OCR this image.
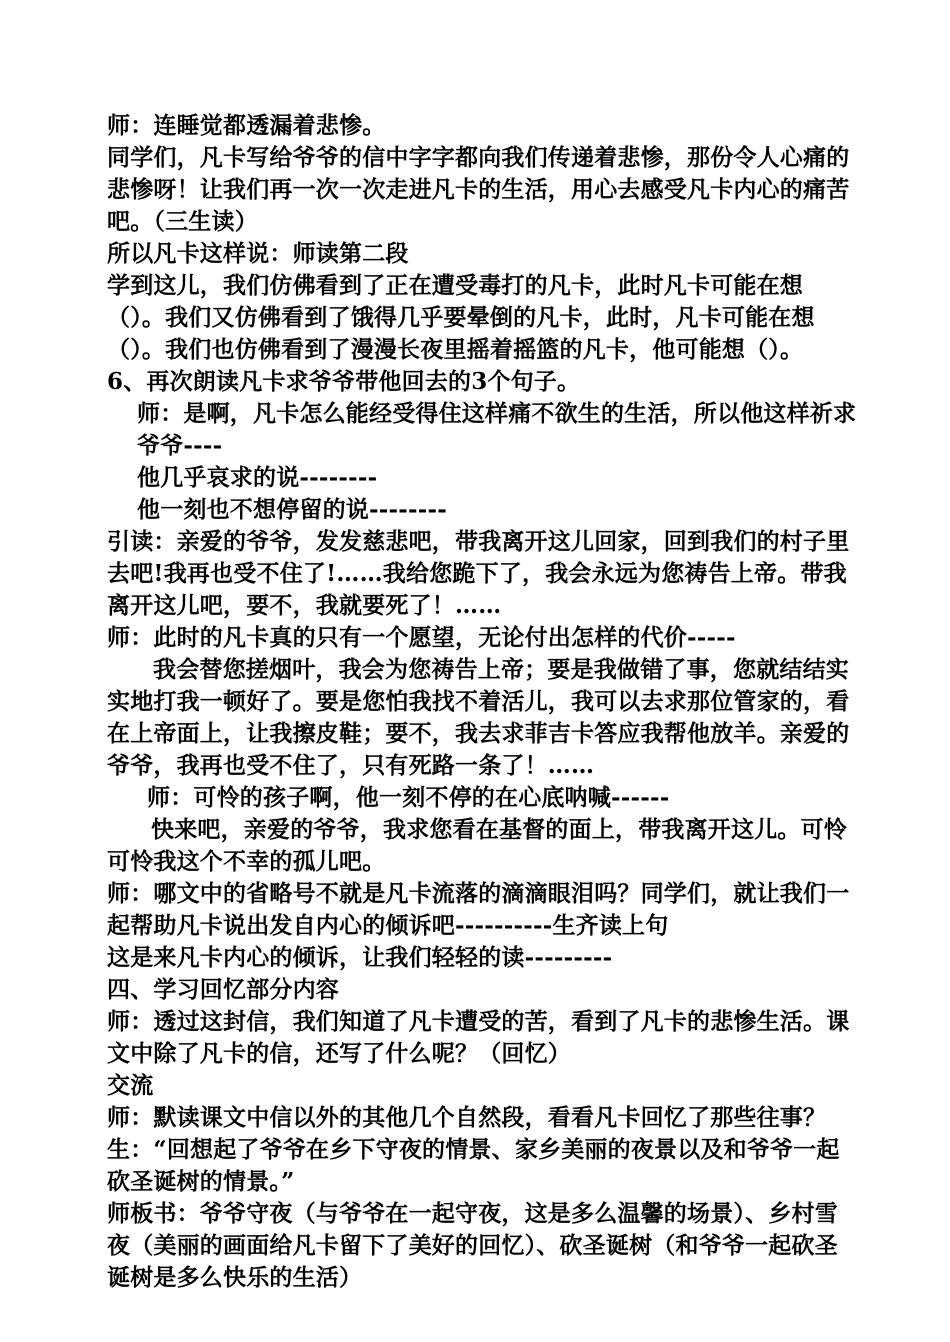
师：连睡觉都透漏着悲惨。

同学们，凡卡写给爷爷的信中字字都向我们传递着悲惨，那份令人心痛的悲惨呀！让我们再一次一次走进凡卡的生活，用心去感受凡卡内心的痛苦吧。（三生读）

所以凡卡这样说：师读第二段

学到这儿，我们仿佛看到了正在遭受毒打的凡卡，此时凡卡可能在想（）。我们又仿佛看到了饿得几乎要晕倒的凡卡，此时，凡卡可能在想（）。我们也仿佛看到了漫漫长夜里摇着摇篮的凡卡，他可能想（）。

6、再次朗读凡卡求爷爷带他回去的3个句子。

师：是啊，凡卡怎么能经受得住这样痛不欲生的生活，所以他这样祈求爷爷----

他几乎哀求的说--------

他一刻也不想停留的说--------

引读：亲爱的爷爷，发发慈悲吧，带我离开这儿回家，回到我们的村子里去吧!我再也受不住了!……我给您跪下了，我会永远为您祷告上帝。带我离开这儿吧，要不，我就要死了！……

师：此时的凡卡真的只有一个愿望，无论付出怎样的代价-----

我会替您搓烟叶，我会为您祷告上帝；要是我做错了事，您就结结实实地打我一顿好了。要是您怕我找不着活儿，我可以去求那位管家的，看在上帝面上，让我擦皮鞋；要不，我去求菲吉卡答应我帮他放羊。亲爱的爷爷，我再也受不住了，只有死路一条了！……

师：可怜的孩子啊，他一刻不停的在心底呐喊------

快来吧，亲爱的爷爷，我求您看在基督的面上，带我离开这儿。可怜可怜我这个不幸的孤儿吧。

师：哪文中的省略号不就是凡卡流落的滴滴眼泪吗？同学们，就让我们一起帮助凡卡说出发自内心的倾诉吧----------生齐读上句

这是来凡卡内心的倾诉，让我们轻轻的读---------

四、学习回忆部分内容

师：透过这封信，我们知道了凡卡遭受的苦，看到了凡卡的悲惨生活。课文中除了凡卡的信，还写了什么呢？（回忆）

交流

师：默读课文中信以外的其他几个自然段，看看凡卡回忆了那些往事？

生：“回想起了爷爷在乡下守夜的情景、家乡美丽的夜景以及和爷爷一起砍圣诞树的情景。”

师板书：爷爷守夜（与爷爷在一起守夜，这是多么温馨的场景）、乡村雪夜（美丽的画面给凡卡留下了美好的回忆）、砍圣诞树（和爷爷一起砍圣诞树是多么快乐的生活）
